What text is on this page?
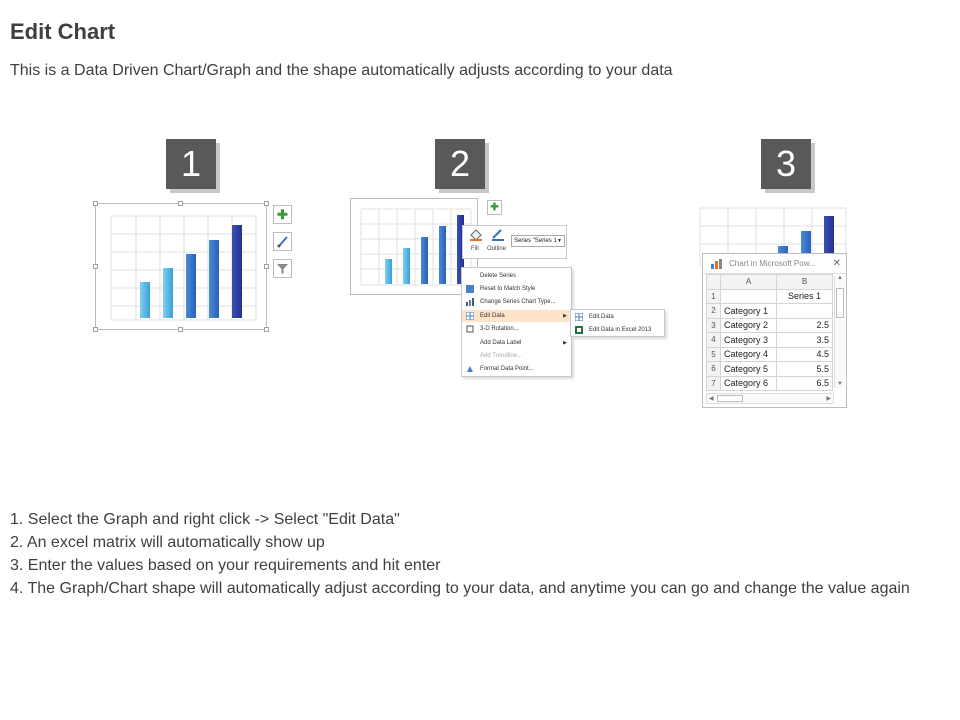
Edit Chart
This is a Data Driven Chart/Graph and the shape automatically adjusts according to your data
1	2	3
✚	✚
Fill Outline
Series "Series 1 ▼
Delete Series
Reset to Match Style
Change Series Chart Type...
Edit Data	▶
3-D Rotation...
Add Data Label	▶
Add Trendline...
Format Data Point...
Edit Data
Edit Data in Excel 2013
Chart in Microsoft Pow... ✕
	A	B
1		Series 1
2	Category 1	
3	Category 2	2.5
4	Category 3	3.5
5	Category 4	4.5
6	Category 5	5.5
7	Category 6	6.5
▲
▼
◀	▶
1. Select the Graph and right click -> Select "Edit Data"
2. An excel matrix will automatically show up
3. Enter the values based on your requirements and hit enter
4. The Graph/Chart shape will automatically adjust according to your data, and anytime you can go and change the value again
